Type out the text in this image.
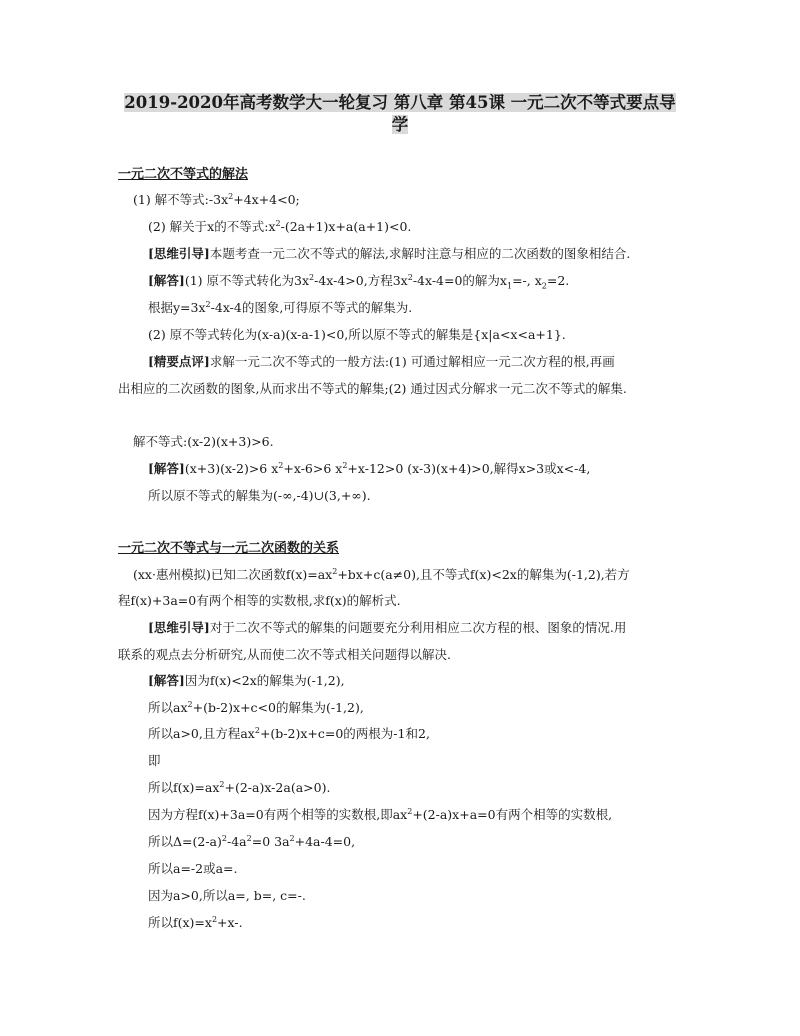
2019-2020年高考数学大一轮复习 第八章 第45课 一元二次不等式要点导
学
一元二次不等式的解法
(1) 解不等式$:-3x^2+4x+4<0$;
(2) 解关于x的不等式$:x^2-(2a+1)x+a(a+1)<0$.
[思维引导]本题考查一元二次不等式的解法,求解时注意与相应的二次函数的图象相结合.
[解答](1) 原不等式转化为$3x^2-4x-4>0$,方程$3x^2-4x-4=0$的解为$x_1=-$, $x_2=2$.
根据$y=3x^2-4x-4$的图象,可得原不等式的解集为.
(2) 原不等式转化为(x-a)(x-a-1)<0,所以原不等式的解集是{x|a<x<a+1}.
[精要点评]求解一元二次不等式的一般方法:(1) 可通过解相应一元二次方程的根,再画
出相应的二次函数的图象,从而求出不等式的解集;(2) 通过因式分解求一元二次不等式的解集.
解不等式:(x-2)(x+3)>6.
[解答](x+3)(x-2)>6 $x^2+x-6>6$ $x^2+x-12>0$ (x-3)(x+4)>0,解得x>3或x<-4,
所以原不等式的解集为(-∞,-4)∪(3,+∞).
一元二次不等式与一元二次函数的关系
(xx·惠州模拟)已知二次函数$f(x)=ax^2+bx+c(a\ne 0)$,且不等式f(x)<2x的解集为(-1,2),若方
程f(x)+3a=0有两个相等的实数根,求f(x)的解析式.
[思维引导]对于二次不等式的解集的问题要充分利用相应二次方程的根、图象的情况.用
联系的观点去分析研究,从而使二次不等式相关问题得以解决.
[解答]因为f(x)<2x的解集为(-1,2),
所以$ax^2+(b-2)x+c<0$的解集为(-1,2),
所以a>0,且方程$ax^2+(b-2)x+c=0$的两根为-1和2,
即
所以$f(x)=ax^2+(2-a)x-2a(a>0)$.
因为方程f(x)+3a=0有两个相等的实数根,即$ax^2+(2-a)x+a=0$有两个相等的实数根,
所以$\Delta=(2-a)^2-4a^2=0$ $3a^2+4a-4=0$,
所以a=-2或a=.
因为a>0,所以a=, b=, c=-.
所以$f(x)=x^2+x-$.
